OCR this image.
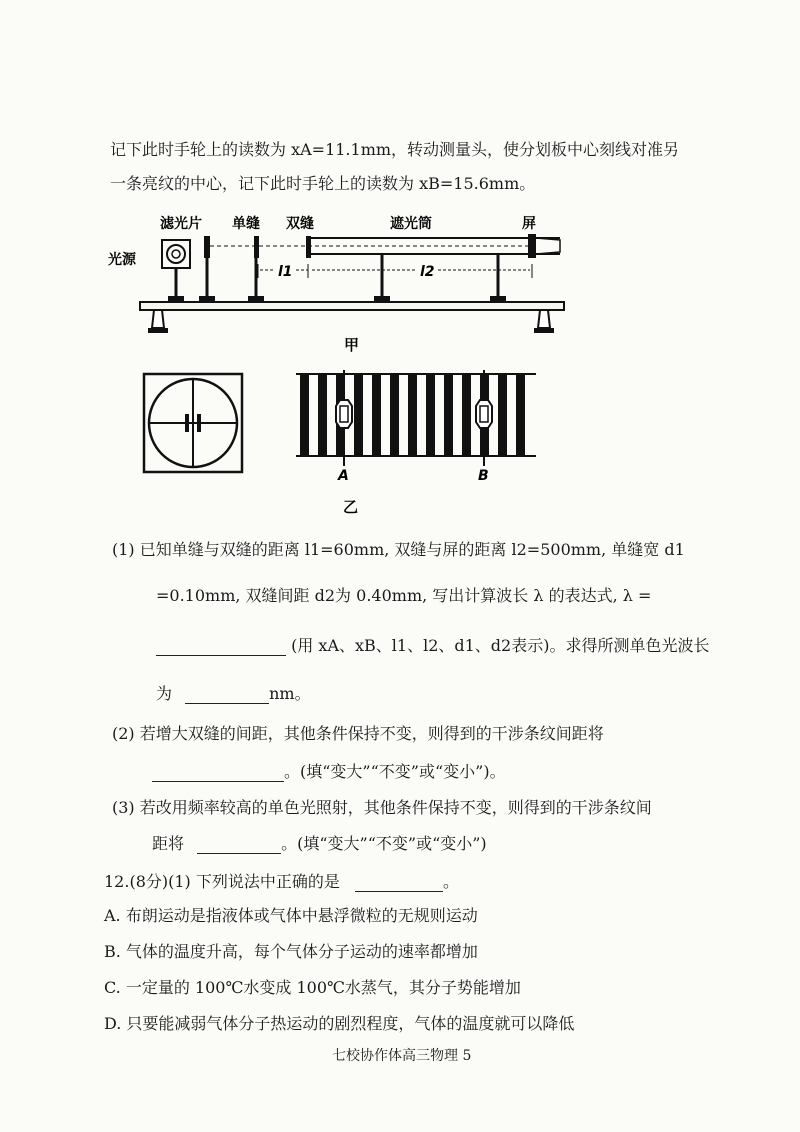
记下此时手轮上的读数为 xA=11.1mm，转动测量头，使分划板中心刻线对准另
一条亮纹的中心，记下此时手轮上的读数为 xB=15.6mm。
滤光片 单缝 双缝	遮光筒	屏
光源
l1	l2
甲
A	B
乙
(1) 已知单缝与双缝的距离 l1=60mm, 双缝与屏的距离 l2=500mm, 单缝宽 d1
=0.10mm, 双缝间距 d2为 0.40mm, 写出计算波长 λ 的表达式, λ =
(用 xA、xB、l1、l2、d1、d2表示)。求得所测单色光波长
为	nm。
(2) 若增大双缝的间距，其他条件保持不变，则得到的干涉条纹间距将
。(填“变大”“不变”或“变小”)。
(3) 若改用频率较高的单色光照射，其他条件保持不变，则得到的干涉条纹间
距将	。(填“变大”“不变”或“变小”)
12.(8分)(1) 下列说法中正确的是	。
A. 布朗运动是指液体或气体中悬浮微粒的无规则运动
B. 气体的温度升高，每个气体分子运动的速率都增加
C. 一定量的 100℃水变成 100℃水蒸气，其分子势能增加
D. 只要能减弱气体分子热运动的剧烈程度，气体的温度就可以降低
七校协作体高三物理 5
